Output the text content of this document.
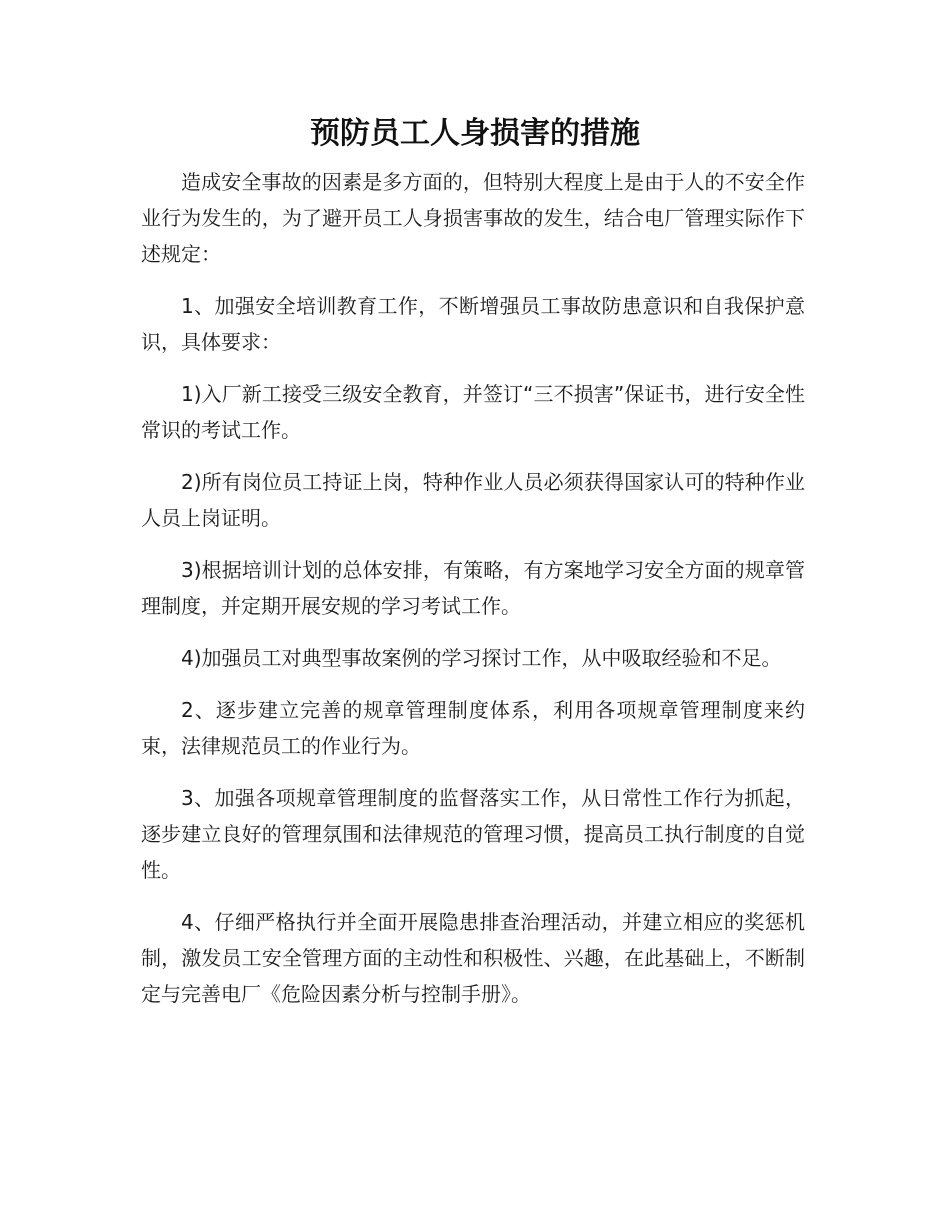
预防员工人身损害的措施

造成安全事故的因素是多方面的，但特别大程度上是由于人的不安全作业行为发生的，为了避开员工人身损害事故的发生，结合电厂管理实际作下述规定：

1、加强安全培训教育工作，不断增强员工事故防患意识和自我保护意识，具体要求：

1)入厂新工接受三级安全教育，并签订“三不损害”保证书，进行安全性常识的考试工作。

2)所有岗位员工持证上岗，特种作业人员必须获得国家认可的特种作业人员上岗证明。

3)根据培训计划的总体安排，有策略，有方案地学习安全方面的规章管理制度，并定期开展安规的学习考试工作。

4)加强员工对典型事故案例的学习探讨工作，从中吸取经验和不足。

2、逐步建立完善的规章管理制度体系，利用各项规章管理制度来约束，法律规范员工的作业行为。

3、加强各项规章管理制度的监督落实工作，从日常性工作行为抓起，逐步建立良好的管理氛围和法律规范的管理习惯，提高员工执行制度的自觉性。

4、仔细严格执行并全面开展隐患排查治理活动，并建立相应的奖惩机制，激发员工安全管理方面的主动性和积极性、兴趣，在此基础上，不断制定与完善电厂《危险因素分析与控制手册》。
